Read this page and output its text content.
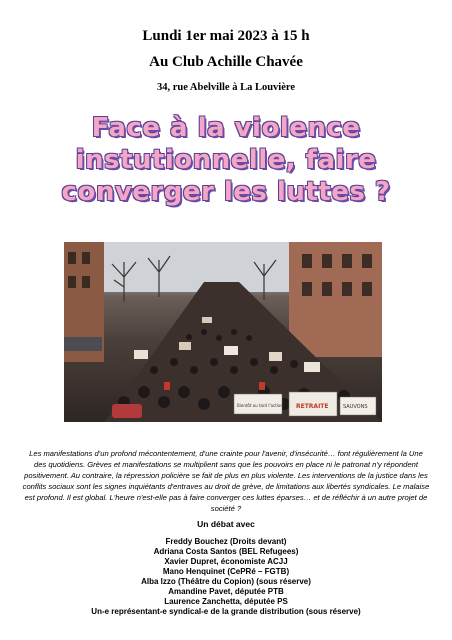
Lundi 1er mai 2023 à 15 h
Au Club Achille Chavée
34, rue Abelville à La Louvière
Face à la violence
instutionnelle, faire
converger les luttes ?
Bientôt ou tard l'action RETRAITE	SAUVONS
Les manifestations d'un profond mécontentement, d'une crainte pour l'avenir, d'insécurité… font régulièrement la Une des quotidiens. Grèves et manifestations se multiplient sans que les pouvoirs en place ni le patronat n'y répondent positivement. Au contraire, la répression policière se fait de plus en plus violente. Les interventions de la justice dans les conflits sociaux sont les signes inquiétants d'entraves au droit de grève, de limitations aux libertés syndicales. Le malaise est profond. Il est global. L'heure n'est-elle pas à faire converger ces luttes éparses… et de réfléchir à un autre projet de société ?
Un débat avec
Freddy Bouchez (Droits devant)
Adriana Costa Santos (BEL Refugees)
Xavier Dupret, économiste ACJJ
Mano Henquinet (CePRé – FGTB)
Alba Izzo (Théâtre du Copion) (sous réserve)
Amandine Pavet, députée PTB
Laurence Zanchetta, députée PS
Un-e représentant-e syndical-e de la grande distribution (sous réserve)
